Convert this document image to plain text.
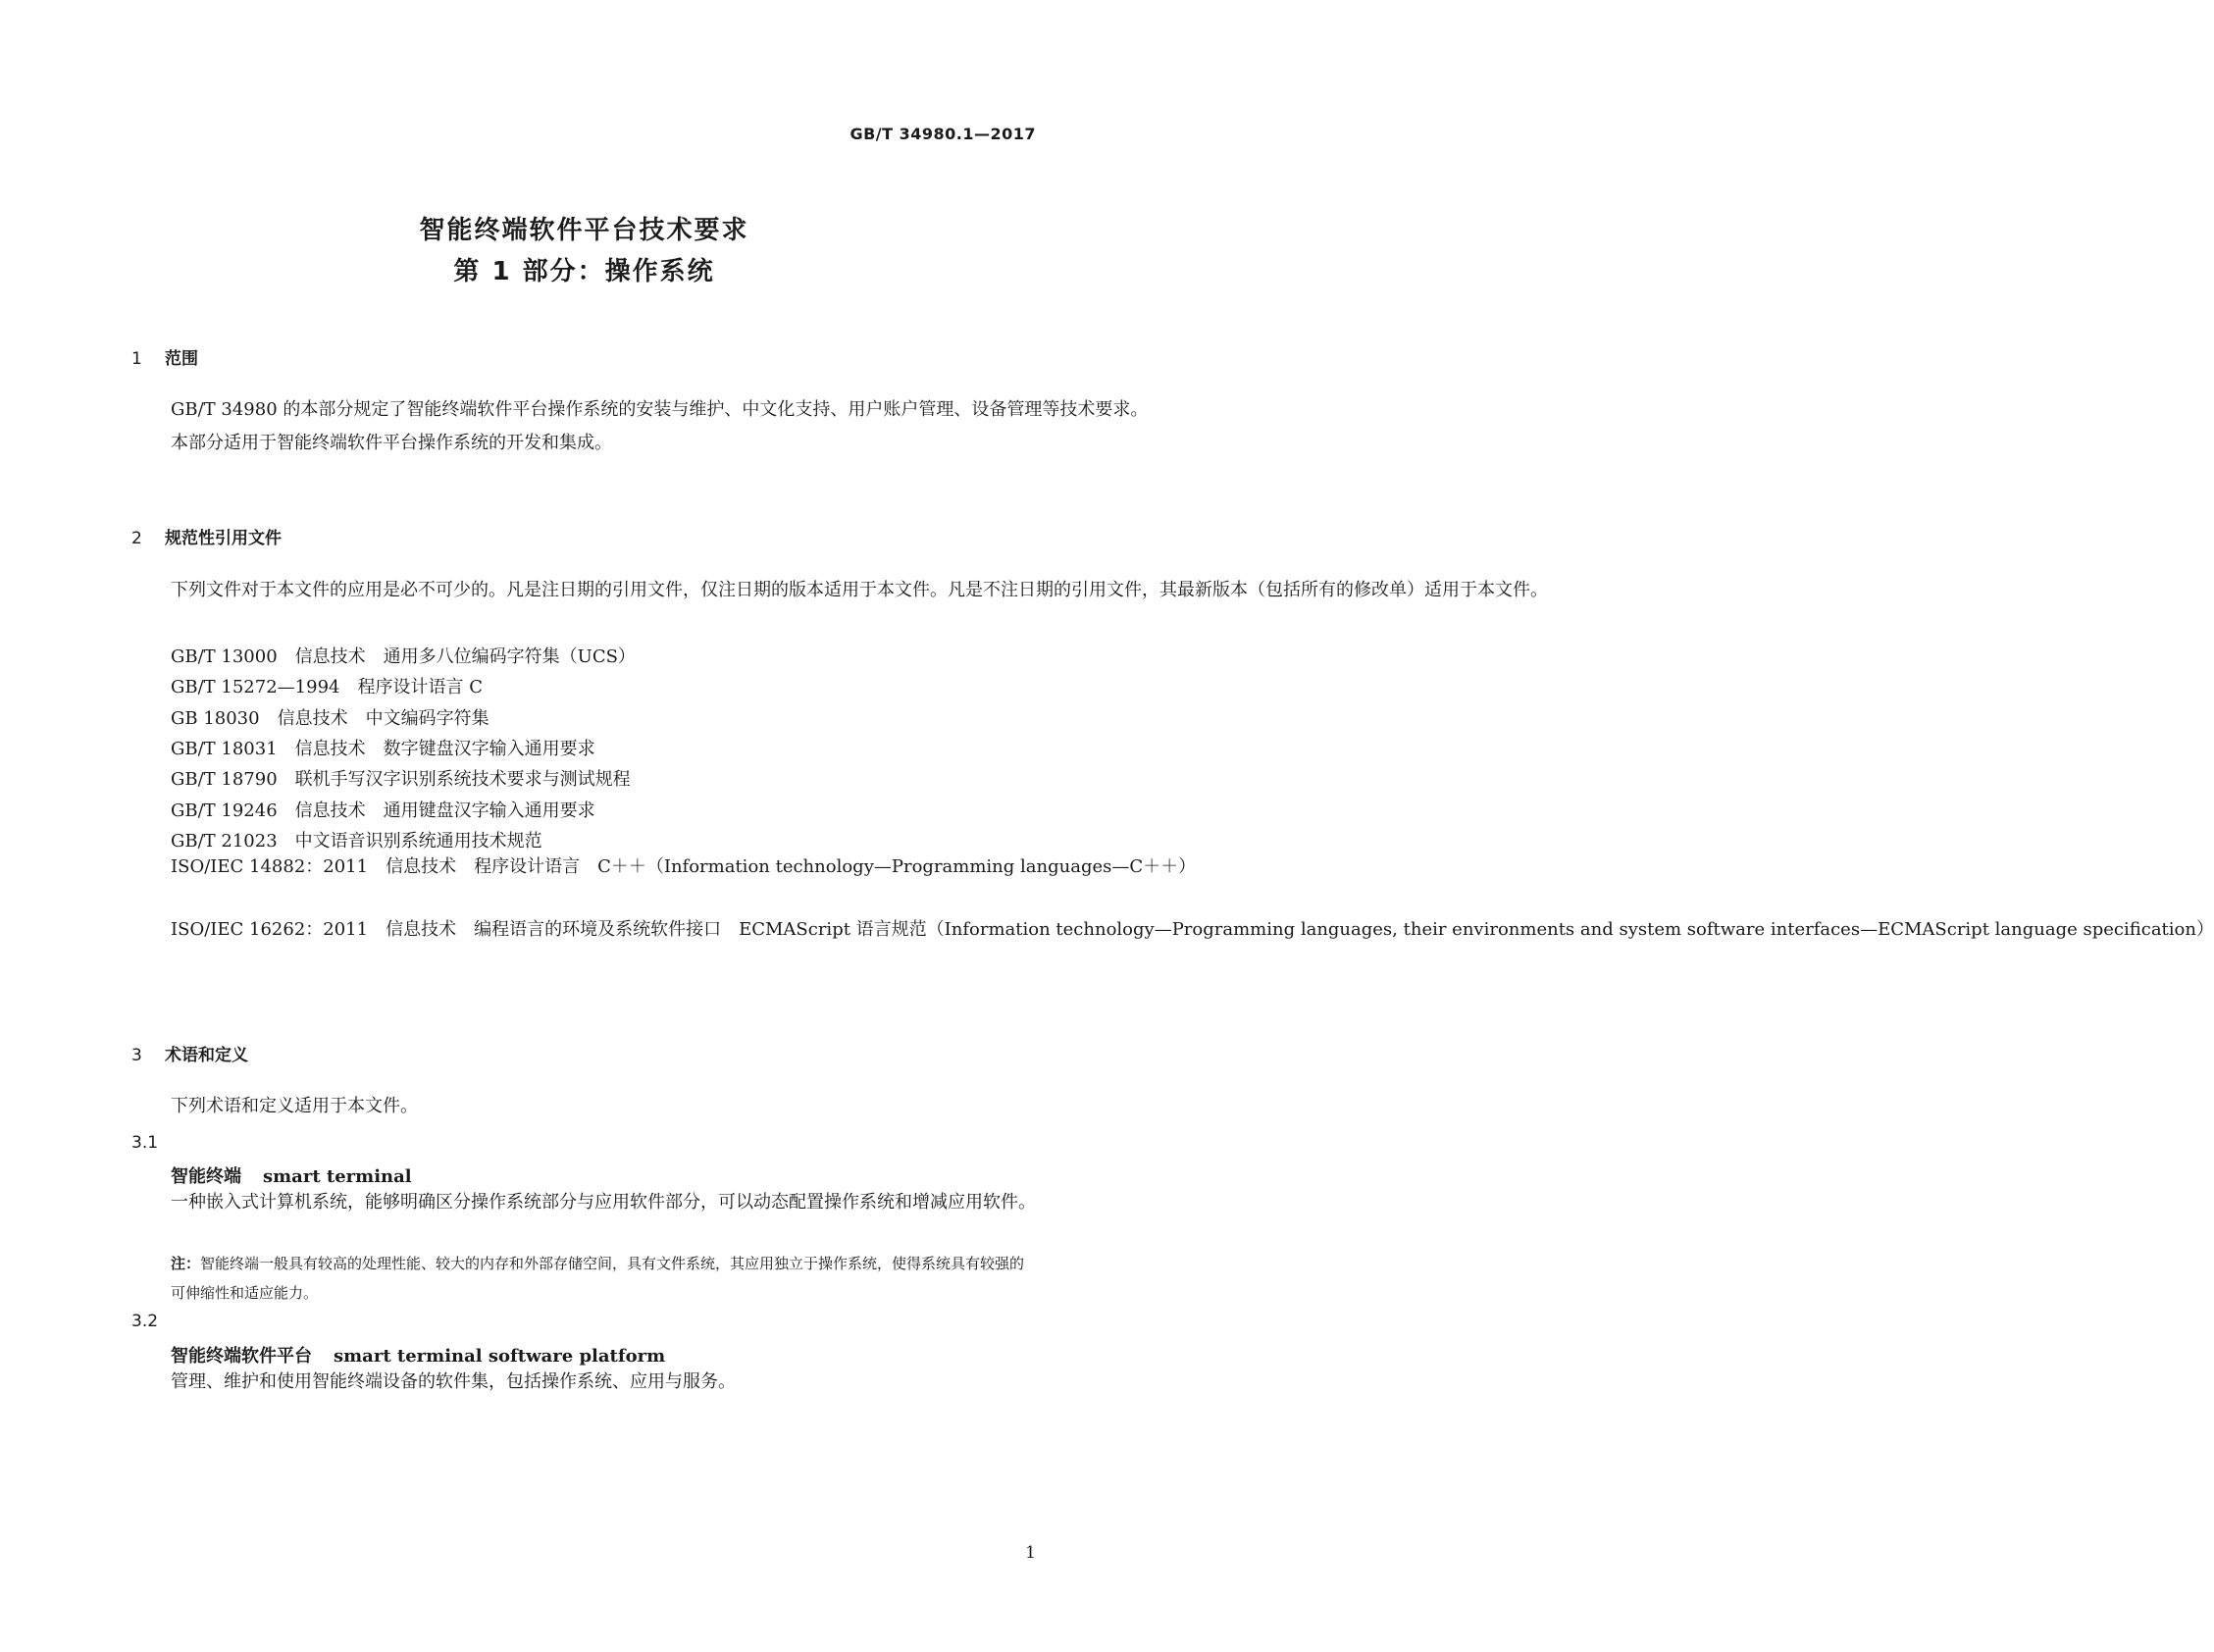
GB/T 34980.1—2017
智能终端软件平台技术要求
第 1 部分：操作系统
1 范围

GB/T 34980 的本部分规定了智能终端软件平台操作系统的安装与维护、中文化支持、用户账户管理、设备管理等技术要求。

本部分适用于智能终端软件平台操作系统的开发和集成。

2 规范性引用文件

下列文件对于本文件的应用是必不可少的。凡是注日期的引用文件，仅注日期的版本适用于本文件。凡是不注日期的引用文件，其最新版本（包括所有的修改单）适用于本文件。

GB/T 13000　信息技术　通用多八位编码字符集（UCS）
GB/T 15272—1994　程序设计语言 C
GB 18030　信息技术　中文编码字符集
GB/T 18031　信息技术　数字键盘汉字输入通用要求
GB/T 18790　联机手写汉字识别系统技术要求与测试规程
GB/T 19246　信息技术　通用键盘汉字输入通用要求
GB/T 21023　中文语音识别系统通用技术规范

ISO/IEC 14882：2011　信息技术　程序设计语言　C＋＋（Information technology—Programming languages—C＋＋）

ISO/IEC 16262：2011　信息技术　编程语言的环境及系统软件接口　ECMAScript 语言规范（Information technology—Programming languages, their environments and system software interfaces—ECMAScript language specification）

3 术语和定义

下列术语和定义适用于本文件。

3.1
智能终端 smart terminal

一种嵌入式计算机系统，能够明确区分操作系统部分与应用软件部分，可以动态配置操作系统和增减应用软件。

注：智能终端一般具有较高的处理性能、较大的内存和外部存储空间，具有文件系统，其应用独立于操作系统，使得系统具有较强的可伸缩性和适应能力。
3.2
智能终端软件平台 smart terminal software platform

管理、维护和使用智能终端设备的软件集，包括操作系统、应用与服务。

1
